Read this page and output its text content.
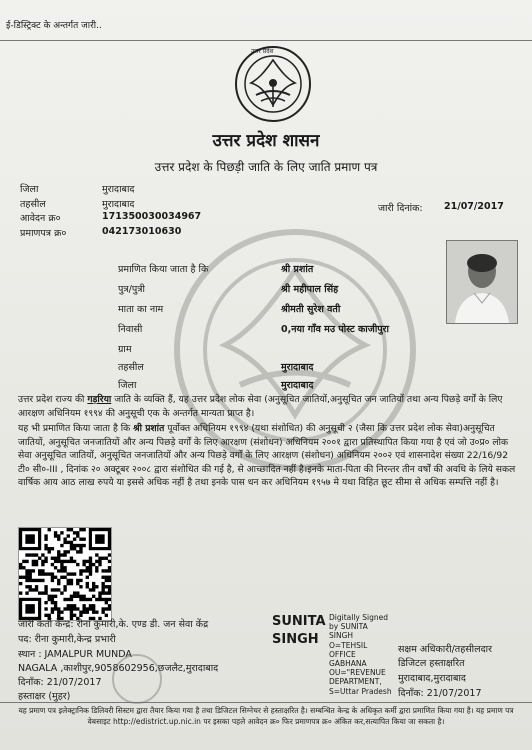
ई-डिस्ट्रिक्ट के अन्तर्गत जारी..
उत्तर प्रदेश
उत्तर प्रदेश शासन
उत्तर प्रदेश के पिछड़ी जाति के लिए जाति प्रमाण पत्र
जिला	मुरादाबाद
तहसील	मुरादाबाद
आवेदन क्र०	171350030034967
प्रमाणपत्र क्र०	042173010630
जारी दिनांक: 21/07/2017
प्रमाणित किया जाता है कि	श्री प्रशांत
पुत्र/पुत्री	श्री महीपाल सिंह
माता का नाम	श्रीमती सुरेश वती
निवासी	0,नया गाँव मउ पोस्ट काजीपुरा
ग्राम
तहसील	मुरादाबाद
जिला	मुरादाबाद
उत्तर प्रदेश राज्य की गड़रिया जाति के व्यक्ति हैं, यह उत्तर प्रदेश लोक सेवा (अनुसूचित जातियों,अनुसूचित जन जातियों तथा अन्य पिछड़े वर्गों के लिए आरक्षण अधिनियम १९९४ की अनुसूची एक के अन्तर्गत मान्यता प्राप्त है।
यह भी प्रमाणित किया जाता है कि श्री प्रशांत पूर्वोक्त अधिनियम १९९४ (यथा संशोधित) की अनुसूची २ (जैसा कि उत्तर प्रदेश लोक सेवा)अनुसूचित जातियों, अनुसूचित जनजातियों और अन्य पिछड़े वर्गों के लिए आरक्षण (संशोधन) अधिनियम २००१ द्वारा प्रतिस्थापित किया गया है एवं जो उ०प्र० लोक सेवा अनुसूचित जातियों, अनुसूचित जनजातियों और अन्य पिछड़े वर्गों के लिए आरक्षण (संशोधन) अधिनियम २००२ एवं शासनादेश संख्या 22/16/92 टी० सी०-III , दिनांक २० अक्टूबर २००८ द्वारा संशोधित की गई है, से आच्छादित नहीं है।इनके माता-पिता की निरन्तर तीन वर्षों की अवधि के लिये सकल वार्षिक आय आठ लाख रुपये या इससे अधिक नहीं है तथा इनके पास धन कर अधिनियम १९५७ मे यथा विहित छूट सीमा से अधिक सम्पत्ति नहीं है।
जारी कर्ता केन्द्र: रीना कुमारी,के. एण्ड डी. जन सेवा केंद्र
पद: रीना कुमारी,केन्द्र प्रभारी
स्थान : JAMALPUR MUNDA
NAGALA ,काशीपुर,9058602956,छजलैट,मुरादाबाद
दिनाँक: 21/07/2017
हस्ताक्षर (मुहर)
SUNITA
SINGH
Digitally Signed
by SUNITA
SINGH
O=TEHSIL
OFFICE
GABHANA
OU="REVENUE
DEPARTMENT,
S=Uttar Pradesh
सक्षम अधिकारी/तहसीलदार
डिजिटल हस्ताक्षरित
मुरादाबाद,मुरादाबाद
दिनाँक: 21/07/2017
यह प्रमाण पत्र इलेक्ट्रानिक डिलिवरी सिस्टम द्वारा तैयार किया गया है तथा डिजिटल सिग्नेचर से हस्ताक्षरित है। सम्बन्धित केन्द्र के अधिकृत कर्मी द्वारा प्रमाणित किया गया है। यह प्रमाण पत्र वेबसाइट http://edistrict.up.nic.in पर इसका पहले आवेदन क्र० फिर प्रमाणपत्र क्र० अंकित कर,सत्यापित किया जा सकता है।
